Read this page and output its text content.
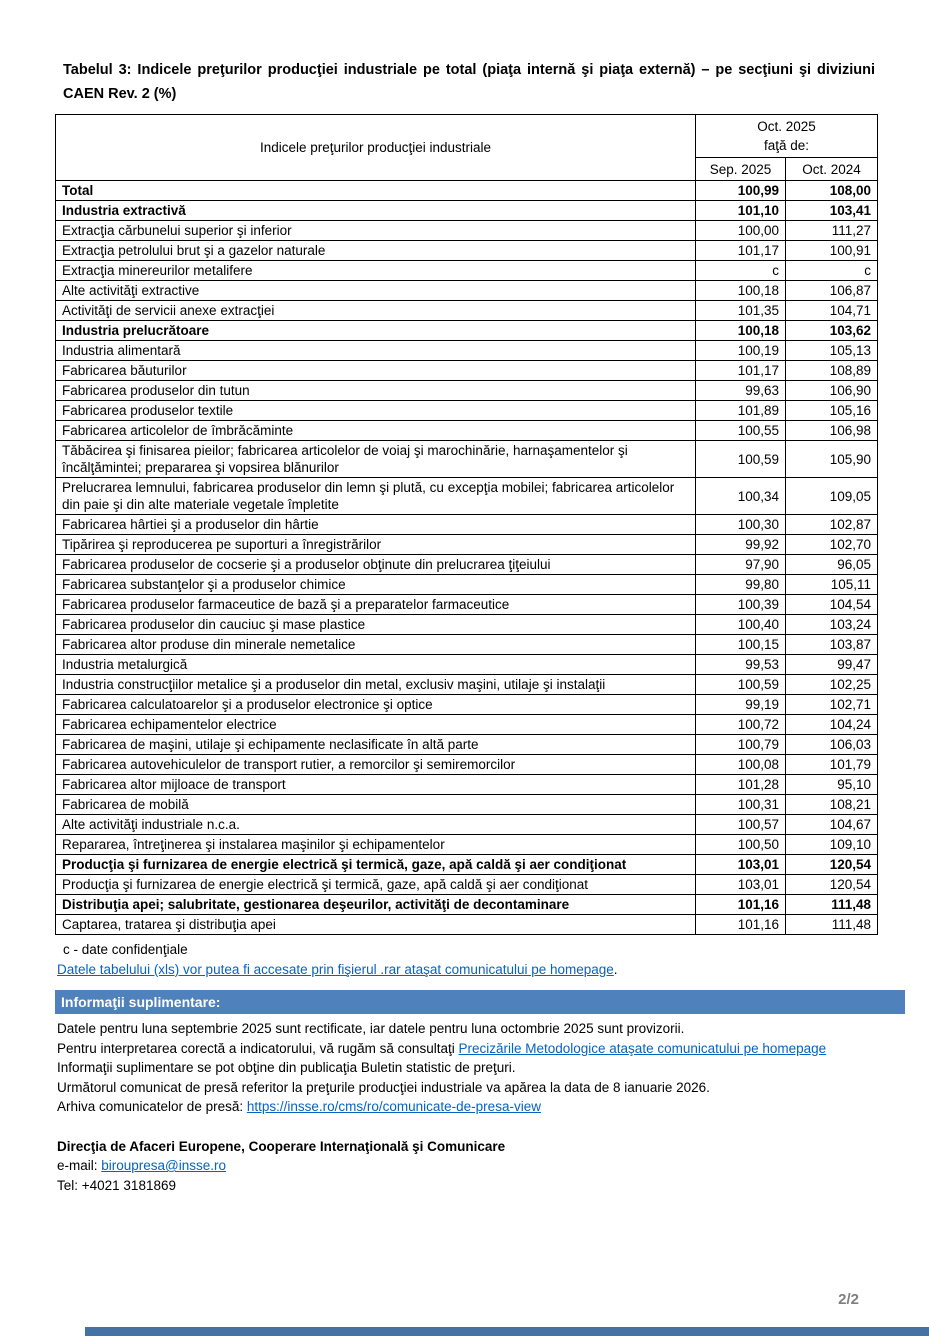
Tabelul 3: Indicele preţurilor producţiei industriale pe total (piaţa internă şi piaţa externă) – pe secţiuni şi diviziuni CAEN Rev. 2 (%)
Indicele preţurilor producţiei industriale	Oct. 2025
faţă de:	

	Sep. 2025	Oct. 2024
Total	100,99	108,00
Industria extractivă	101,10	103,41
Extracţia cărbunelui superior şi inferior	100,00	111,27
Extracţia petrolului brut şi a gazelor naturale	101,17	100,91
Extracţia minereurilor metalifere	c	c
Alte activităţi extractive	100,18	106,87
Activităţi de servicii anexe extracţiei	101,35	104,71
Industria prelucrătoare	100,18	103,62
Industria alimentară	100,19	105,13
Fabricarea băuturilor	101,17	108,89
Fabricarea produselor din tutun	99,63	106,90
Fabricarea produselor textile	101,89	105,16
Fabricarea articolelor de îmbrăcăminte	100,55	106,98
Tăbăcirea şi finisarea pieilor; fabricarea articolelor de voiaj şi marochinărie, harnaşamentelor şi încălţămintei; prepararea şi vopsirea blănurilor	100,59	105,90
Prelucrarea lemnului, fabricarea produselor din lemn şi plută, cu excepţia mobilei; fabricarea articolelor din paie şi din alte materiale vegetale împletite	100,34	109,05
Fabricarea hârtiei şi a produselor din hârtie	100,30	102,87
Tipărirea şi reproducerea pe suporturi a înregistrărilor	99,92	102,70
Fabricarea produselor de cocserie şi a produselor obţinute din prelucrarea ţiţeiului	97,90	96,05
Fabricarea substanţelor şi a produselor chimice	99,80	105,11
Fabricarea produselor farmaceutice de bază şi a preparatelor farmaceutice	100,39	104,54
Fabricarea produselor din cauciuc şi mase plastice	100,40	103,24
Fabricarea altor produse din minerale nemetalice	100,15	103,87
Industria metalurgică	99,53	99,47
Industria construcţiilor metalice şi a produselor din metal, exclusiv maşini, utilaje şi instalaţii	100,59	102,25
Fabricarea calculatoarelor şi a produselor electronice şi optice	99,19	102,71
Fabricarea echipamentelor electrice	100,72	104,24
Fabricarea de maşini, utilaje şi echipamente neclasificate în altă parte	100,79	106,03
Fabricarea autovehiculelor de transport rutier, a remorcilor şi semiremorcilor	100,08	101,79
Fabricarea altor mijloace de transport	101,28	95,10
Fabricarea de mobilă	100,31	108,21
Alte activităţi industriale n.c.a.	100,57	104,67
Repararea, întreţinerea şi instalarea maşinilor şi echipamentelor	100,50	109,10
Producţia şi furnizarea de energie electrică şi termică, gaze, apă caldă şi aer condiţionat	103,01	120,54
Producţia şi furnizarea de energie electrică şi termică, gaze, apă caldă şi aer condiţionat	103,01	120,54
Distribuţia apei; salubritate, gestionarea deşeurilor, activităţi de decontaminare	101,16	111,48
Captarea, tratarea şi distribuţia apei	101,16	111,48
c - date confidenţiale
Datele tabelului (xls) vor putea fi accesate prin fişierul .rar ataşat comunicatului pe homepage.
Informaţii suplimentare:

Datele pentru luna septembrie 2025 sunt rectificate, iar datele pentru luna octombrie 2025 sunt provizorii.

Pentru interpretarea corectă a indicatorului, vă rugăm să consultaţi Precizările Metodologice ataşate comunicatului pe homepage

Informaţii suplimentare se pot obţine din publicaţia Buletin statistic de preţuri.

Următorul comunicat de presă referitor la preţurile producţiei industriale va apărea la data de 8 ianuarie 2026.

Arhiva comunicatelor de presă: https://insse.ro/cms/ro/comunicate-de-presa-view

Direcţia de Afaceri Europene, Cooperare Internaţională şi Comunicare
e-mail: biroupresa@insse.ro
Tel: +4021 3181869
2/2
